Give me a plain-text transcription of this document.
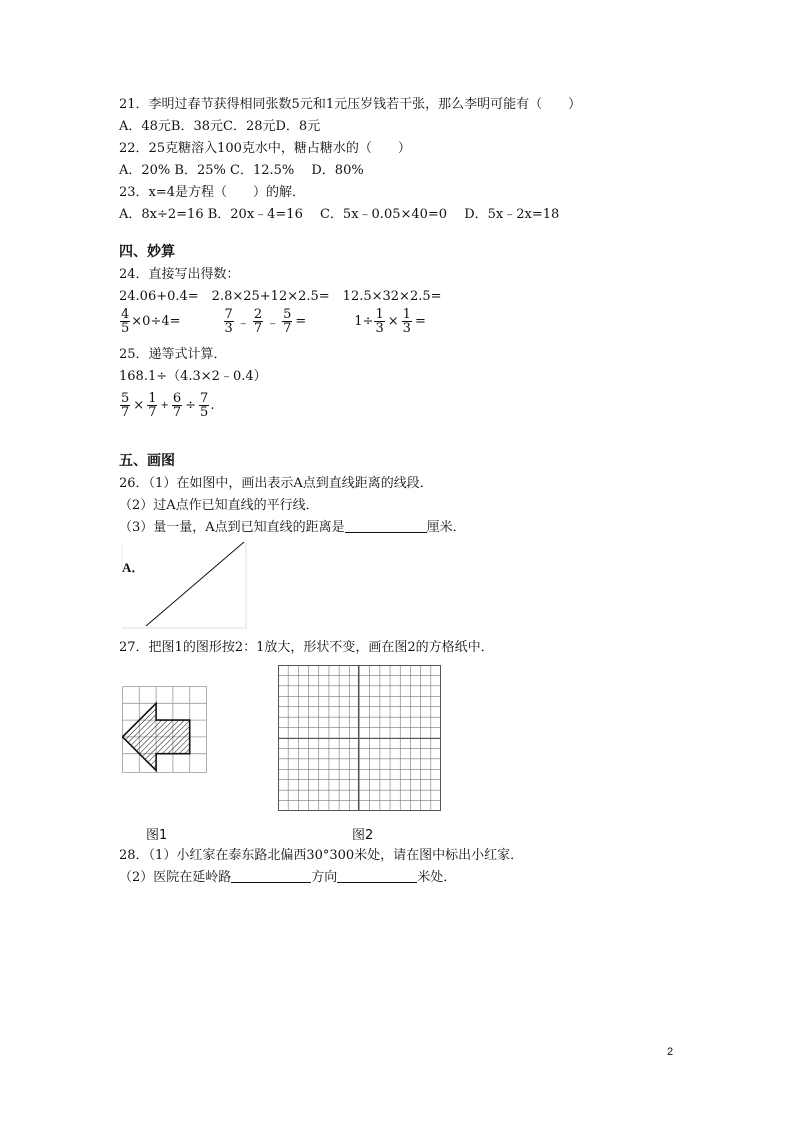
21．李明过春节获得相同张数5元和1元压岁钱若干张，那么李明可能有（　　）
A．48元B．38元C．28元D．8元
22．25克糖溶入100克水中，糖占糖水的（　　）
A．20% B．25% C．12.5%　 D．80%
23．x=4是方程（　　）的解．
A．8x÷2=16 B．20x﹣4=16　 C．5x﹣0.05×40=0　 D．5x﹣2x=18
四、妙算
24．直接写出得数：
24.06+0.4=　2.8×25+12×2.5=　12.5×32×2.5=
$\frac{4}{5} \times 0\div 4=$	$\frac{7}{3}$ ﹣ $\frac{2}{7}$ ﹣ $\frac{5}{7}$ =	$1\div \frac{1}{3} \times \frac{1}{3}$ =
25．递等式计算．
168.1÷（4.3×2﹣0.4）
$\frac{5}{7} \times \frac{1}{7} + \frac{6}{7} \div \frac{7}{5}$ .
五、画图
26．（1）在如图中，画出表示A点到直线距离的线段．
（2）过A点作已知直线的平行线．
（3）量一量，A点到已知直线的距离是	厘米．
A．
27．把图1的图形按2：1放大，形状不变，画在图2的方格纸中．
图1	图2
28．（1）小红家在泰东路北偏西30°300米处，请在图中标出小红家．
（2）医院在延岭路	方向	米处．
2
